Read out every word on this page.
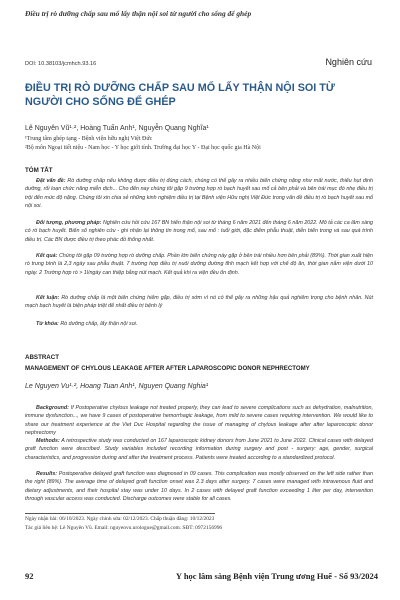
Điều trị rò dưỡng chấp sau mổ lấy thận nội soi từ người cho sống để ghép
DOI: 10.38103/jcmhch.93.16	Nghiên cứu
ĐIỀU TRỊ RÒ DƯỠNG CHẤP SAU MỔ LẤY THẬN NỘI SOI TỪ NGƯỜI CHO SỐNG ĐỂ GHÉP
Lê Nguyên Vũ¹·², Hoàng Tuấn Anh¹, Nguyễn Quang Nghĩa¹
¹Trung tâm ghép tạng - Bệnh viện hữu nghị Việt Đức
²Bộ môn Ngoại tiết niệu - Nam học - Y học giới tính. Trường đại học Y - Đại học quốc gia Hà Nội
TÓM TẮT
Đặt vấn đề: Rò dưỡng chấp nếu không được điều trị đúng cách, chúng có thể gây ra nhiều biến chứng nặng như mất nước, thiếu hụt dinh dưỡng, rối loạn chức năng miễn dịch... Cho đến nay chúng tôi gặp 9 trường hợp rò bạch huyết sau mổ cả bên phải và bên trái mục đó nhẹ điều trị trội đến mức độ nặng. Chúng tôi xin chia sẻ những kinh nghiệm điều trị tại Bệnh viện Hữu nghị Việt Đức trong vấn đề điều trị rò bạch huyết sau mổ nội soi.
Đối tượng, phương pháp: Nghiên cứu hồi cứu 167 BN hiến thận nội soi từ tháng 6 năm 2021 đến tháng 6 năm 2022. Mô tả các ca lâm sàng có rò bạch huyết. Biến số nghiên cứu - ghi nhận lại thông tin trong mổ, sau mổ : tuổi giới, đặc điểm phẫu thuật, diễn biến trong và sau quá trình điều trị. Các BN được điều trị theo phác đồ thống nhất.
Kết quả: Chúng tôi gặp 09 trường hợp rò dưỡng chấp. Phần lớn biến chứng này gặp ở bên trái nhiều hơn bên phải (89%). Thời gian xuất hiện rò trung bình là 2,3 ngày sau phẫu thuật. 7 trường hợp điều trị nuôi dưỡng đường tĩnh mạch kết hợp với chế độ ăn, thời gian nằm viện dưới 10 ngày. 2 Trường hợp rò > 1l/ngày can thiệp bằng nút mạch. Kết quả khi ra viện đều ổn định.
Kết luận: Rò dưỡng chấp là một biến chứng hiếm gặp, điều trị sớm vì nó có thể gây ra những hậu quả nghiêm trọng cho bệnh nhân. Nút mạch bạch huyết là biện pháp triệt để nhất điều trị bệnh lý
Từ khóa: Rò dưỡng chấp, lấy thận nội soi.
ABSTRACT
MANAGEMENT OF CHYLOUS LEAKAGE AFTER AFTER LAPAROSCOPIC DONOR NEPHRECTOMY
Le Nguyen Vu¹·², Hoang Tuan Anh¹, Nguyen Quang Nghia¹
Background: If Postoperative chylous leakage not treated properly, they can lead to severe complications such as dehydration, malnutrition, immune dysfunction..., we have 9 cases of postoperative hemorrhagic leakage, from mild to severe cases requiring intervention. We would like to share our treatment experience at the Viet Duc Hospital regarding the issue of managing of chylous leakage after after laparoscopic donor nephrectomy
Methods: A retrospective study was conducted on 167 laparoscopic kidney donors from June 2021 to June 2022. Clinical cases with delayed graft function were described. Study variables included recording information during surgery and post - surgery: age, gender, surgical characteristics, and progression during and after the treatment process. Patients were treated according to a standardized protocol.
Results: Postoperative delayed graft function was diagnosed in 09 cases. This complication was mostly observed on the left side rather than the right (89%). The average time of delayed graft function onset was 2.3 days after surgery. 7 cases were managed with intravenous fluid and dietary adjustments, and their hospital stay was under 10 days. In 2 cases with delayed graft function exceeding 1 liter per day, intervention through vascular access was conducted. Discharge outcomes were stable for all cases.
Ngày nhận bài: 06/10/2023. Ngày chỉnh sửa: 02/12/2023. Chấp thuận đăng: 10/12/2023
Tác giả liên hệ: Lê Nguyên Vũ. Email: nguyenvu.urologue@gmail.com. SĐT: 0972156996
92	Y học lâm sàng Bệnh viện Trung ương Huế - Số 93/2024
